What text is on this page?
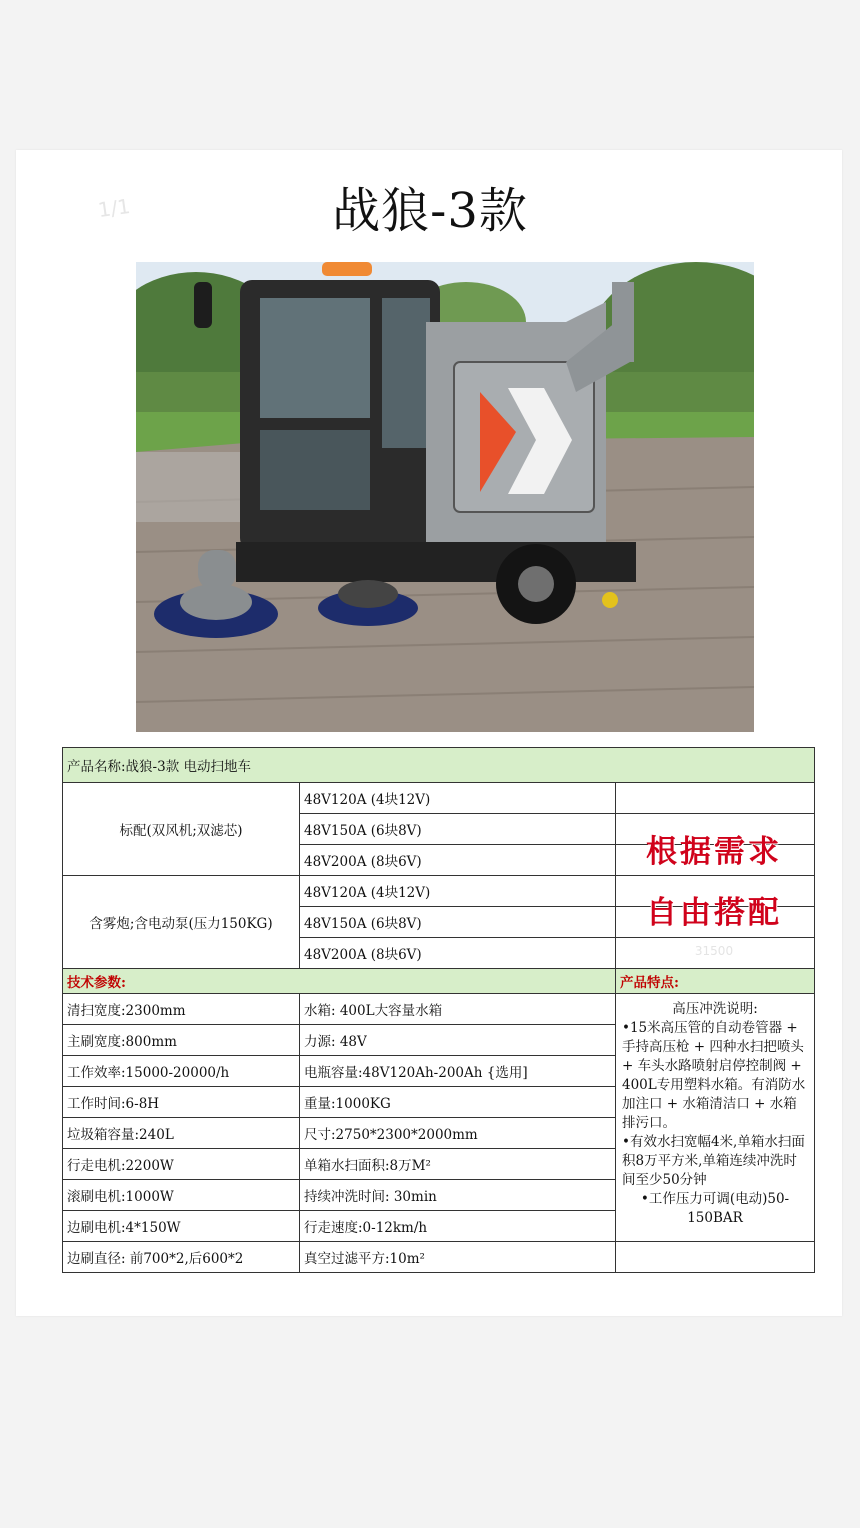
1/1	战狼-3款
产品名称:战狼-3款 电动扫地车		
标配(双风机;双滤芯)	48V120A (4块12V)	
	48V150A (6块8V)	
	48V200A (8块6V)	
含雾炮;含电动泵(压力150KG)	48V120A (4块12V)	
	48V150A (6块8V)	
	48V200A (8块6V)	
技术参数:		产品特点:
清扫宽度:2300mm	水箱: 400L大容量水箱	高压冲洗说明:
•15米高压管的自动卷管器 + 手持高压枪 + 四种水扫把喷头+ 车头水路喷射启停控制阀 + 400L专用塑料水箱。有消防水加注口 + 水箱清洁口 + 水箱排污口。
•有效水扫宽幅4米,单箱水扫面积8万平方米,单箱连续冲洗时间至少50分钟
•工作压力可调(电动)50-150BAR

主刷宽度:800mm	力源: 48V	
工作效率:15000-20000/h	电瓶容量:48V120Ah-200Ah {选用]	
工作时间:6-8H	重量:1000KG	
垃圾箱容量:240L	尺寸:2750*2300*2000mm	
行走电机:2200W	单箱水扫面积:8万M²	
滚刷电机:1000W	持续冲洗时间: 30min	
边刷电机:4*150W	行走速度:0-12km/h	
边刷直径: 前700*2,后600*2	真空过滤平方:10m²	
根据需求
自由搭配
31500
